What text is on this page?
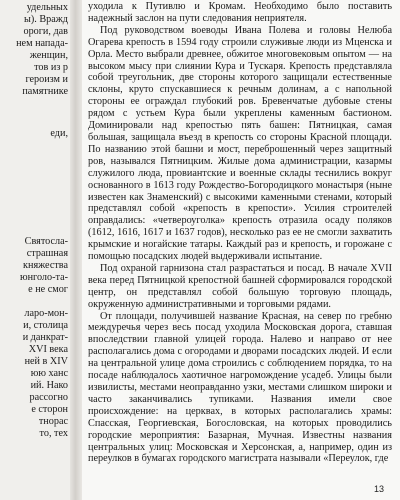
удельных
ы). Вражд
ороги, дав
нем напада-
женщин,
тов из р
героизм и
памятнике
еди,
Святосла-
страшная
княжества
юнголо-та-
е не смог
ларо-мон-
и, столица
и данкрат-
XVI века
ней в XIV
юю ханс
ий. Нако
рассогно
е сторон
тнорас
то, тех

уходила к Путивлю и Кромам. Необходимо было поставить надежный заслон на пути следования неприятеля.

Под руководством воеводы Ивана Полева и головы Нелюба Огарева крепость в 1594 году строили служивые люди из Мценска и Орла. Место выбрали древнее, обжитое многовековым опытом — на высоком мысу при слиянии Кура и Тускаря. Крепость представляла собой треугольник, две стороны которого защищали естественные склоны, круто спускавшиеся к речным долинам, а с напольной стороны ее ограждал глубокий ров. Бревенчатые дубовые стены рядом с устьем Кура были укреплены каменным бастионом. Доминировали над крепостью пять башен: Пятницкая, самая большая, защищала въезд в крепость со стороны Красной площади. По названию этой башни и мост, переброшенный через защитный ров, назывался Пятницким. Жилые дома администрации, казармы служилого люда, провиантские и военные склады теснились вокруг основанного в 1613 году Рождество-Богородицкого монастыря (ныне известен как Знаменский) с высокими каменными стенами, который представлял собой «крепость в крепости». Усилия строителей оправдались: «четвероуголка» крепость отразила осаду поляков (1612, 1616, 1617 и 1637 годов), несколько раз ее не смогли захватить крымские и ногайские татары. Каждый раз и крепость, и горожане с помощью посадских людей выдерживали испытание.

Под охраной гарнизона стал разрастаться и посад. В начале XVII века перед Пятницкой крепостной башней сформировался городской центр, он представлял собой большую торговую площадь, окруженную административными и торговыми рядами.

От площади, получившей название Красная, на север по гребню междуречья через весь посад уходила Московская дорога, ставшая впоследствии главной улицей города. Налево и направо от нее располагались дома с огородами и дворами посадских людей. И если на центральной улице дома строились с соблюдением порядка, то на посаде наблюдалось хаотичное нагромождение усадеб. Улицы были извилисты, местами неоправданно узки, местами слишком широки и часто заканчивались тупиками. Названия имели свое происхождение: на церквах, в которых располагались храмы: Спасская, Георгиевская, Богословская, на которых проводились городские мероприятия: Базарная, Мучная. Известны названия центральных улиц: Московская и Херсонская, а, например, один из переулков в бумагах городского магистрата называли «Переулок, где

13
